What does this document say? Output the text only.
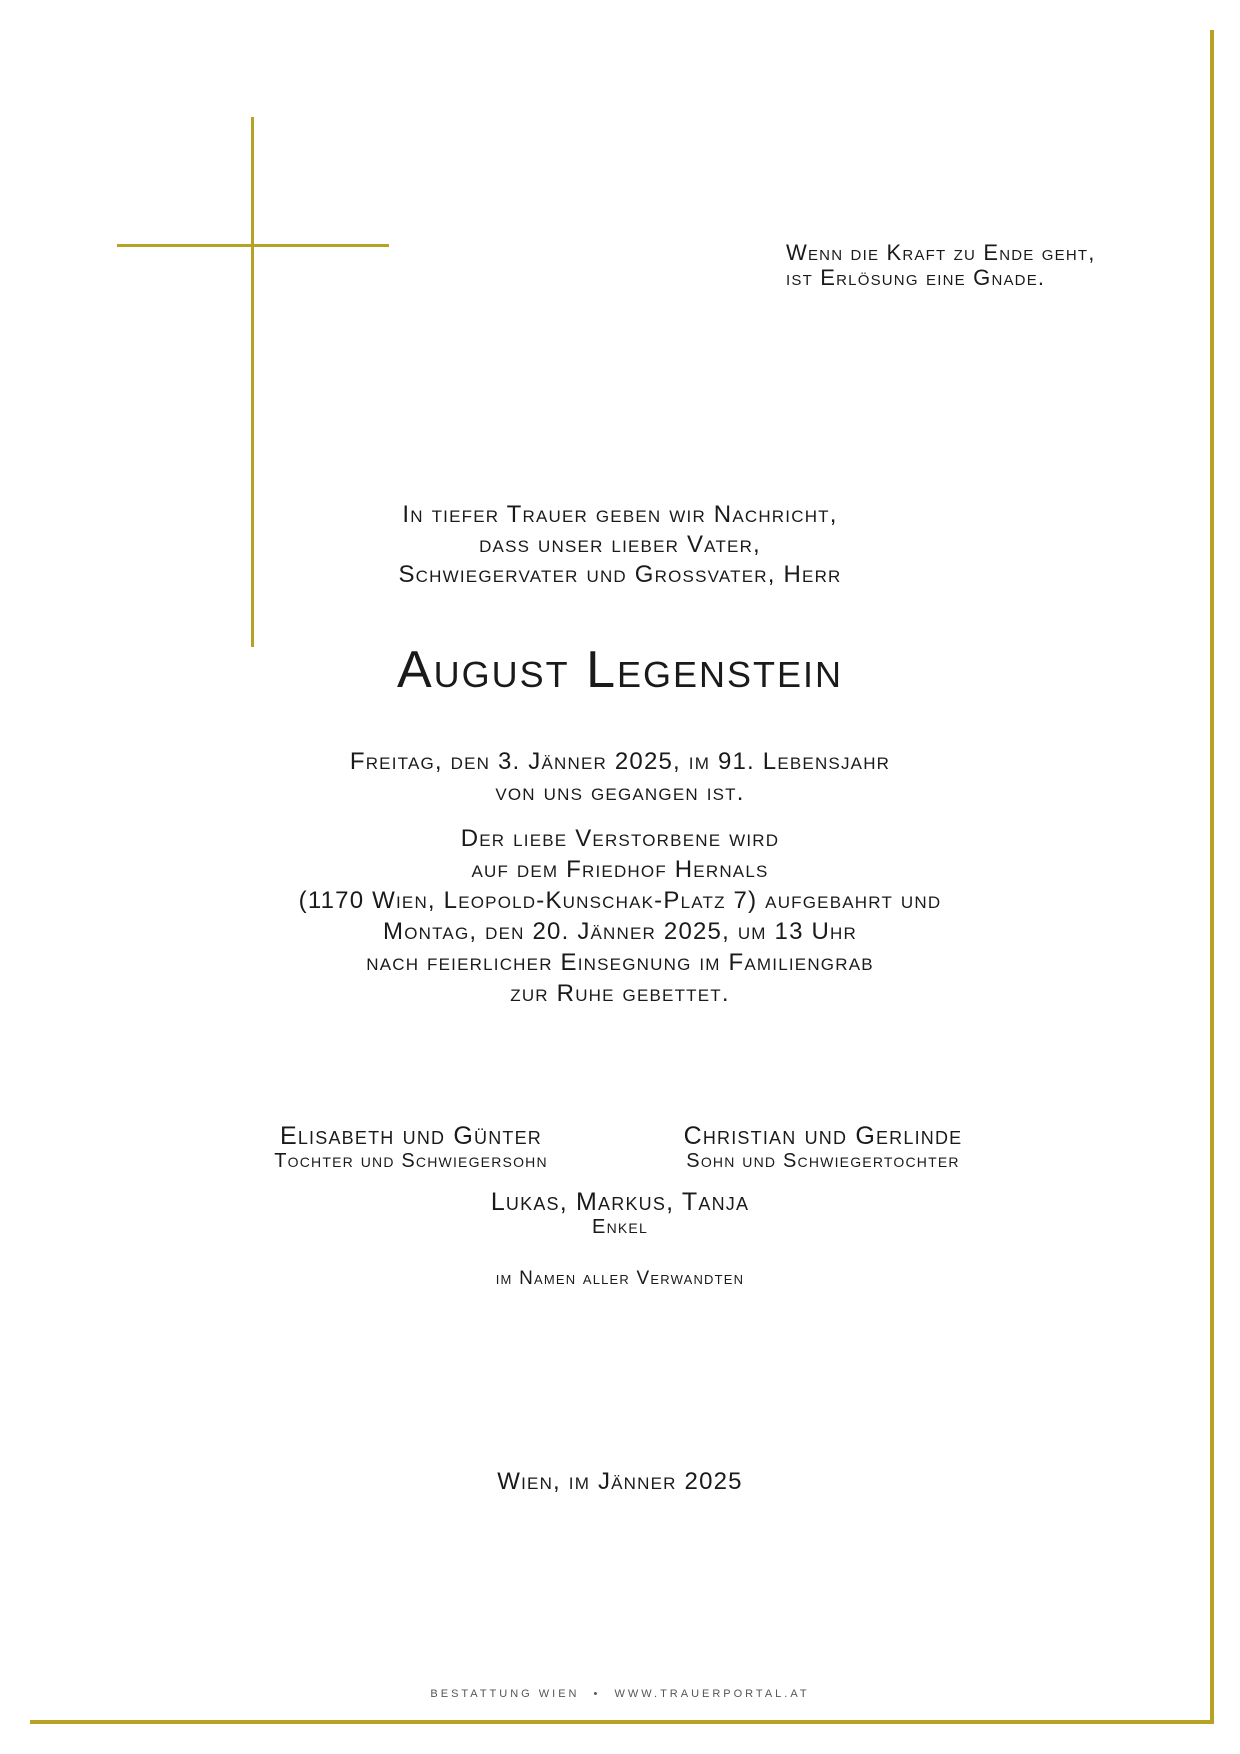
Wenn die Kraft zu Ende geht,
ist Erlösung eine Gnade.
In tiefer Trauer geben wir Nachricht,
dass unser lieber Vater,
Schwiegervater und Grossvater, Herr
August Legenstein
Freitag, den 3. Jänner 2025, im 91. Lebensjahr
von uns gegangen ist.
Der liebe Verstorbene wird
auf dem Friedhof Hernals
(1170 Wien, Leopold-Kunschak-Platz 7) aufgebahrt und
Montag, den 20. Jänner 2025, um 13 Uhr
nach feierlicher Einsegnung im Familiengrab
zur Ruhe gebettet.
Elisabeth und Günter
Tochter und Schwiegersohn
Christian und Gerlinde
Sohn und Schwiegertochter
Lukas, Markus, Tanja
Enkel
im Namen aller Verwandten
Wien, im Jänner 2025
BESTATTUNG WIEN • WWW.TRAUERPORTAL.AT
